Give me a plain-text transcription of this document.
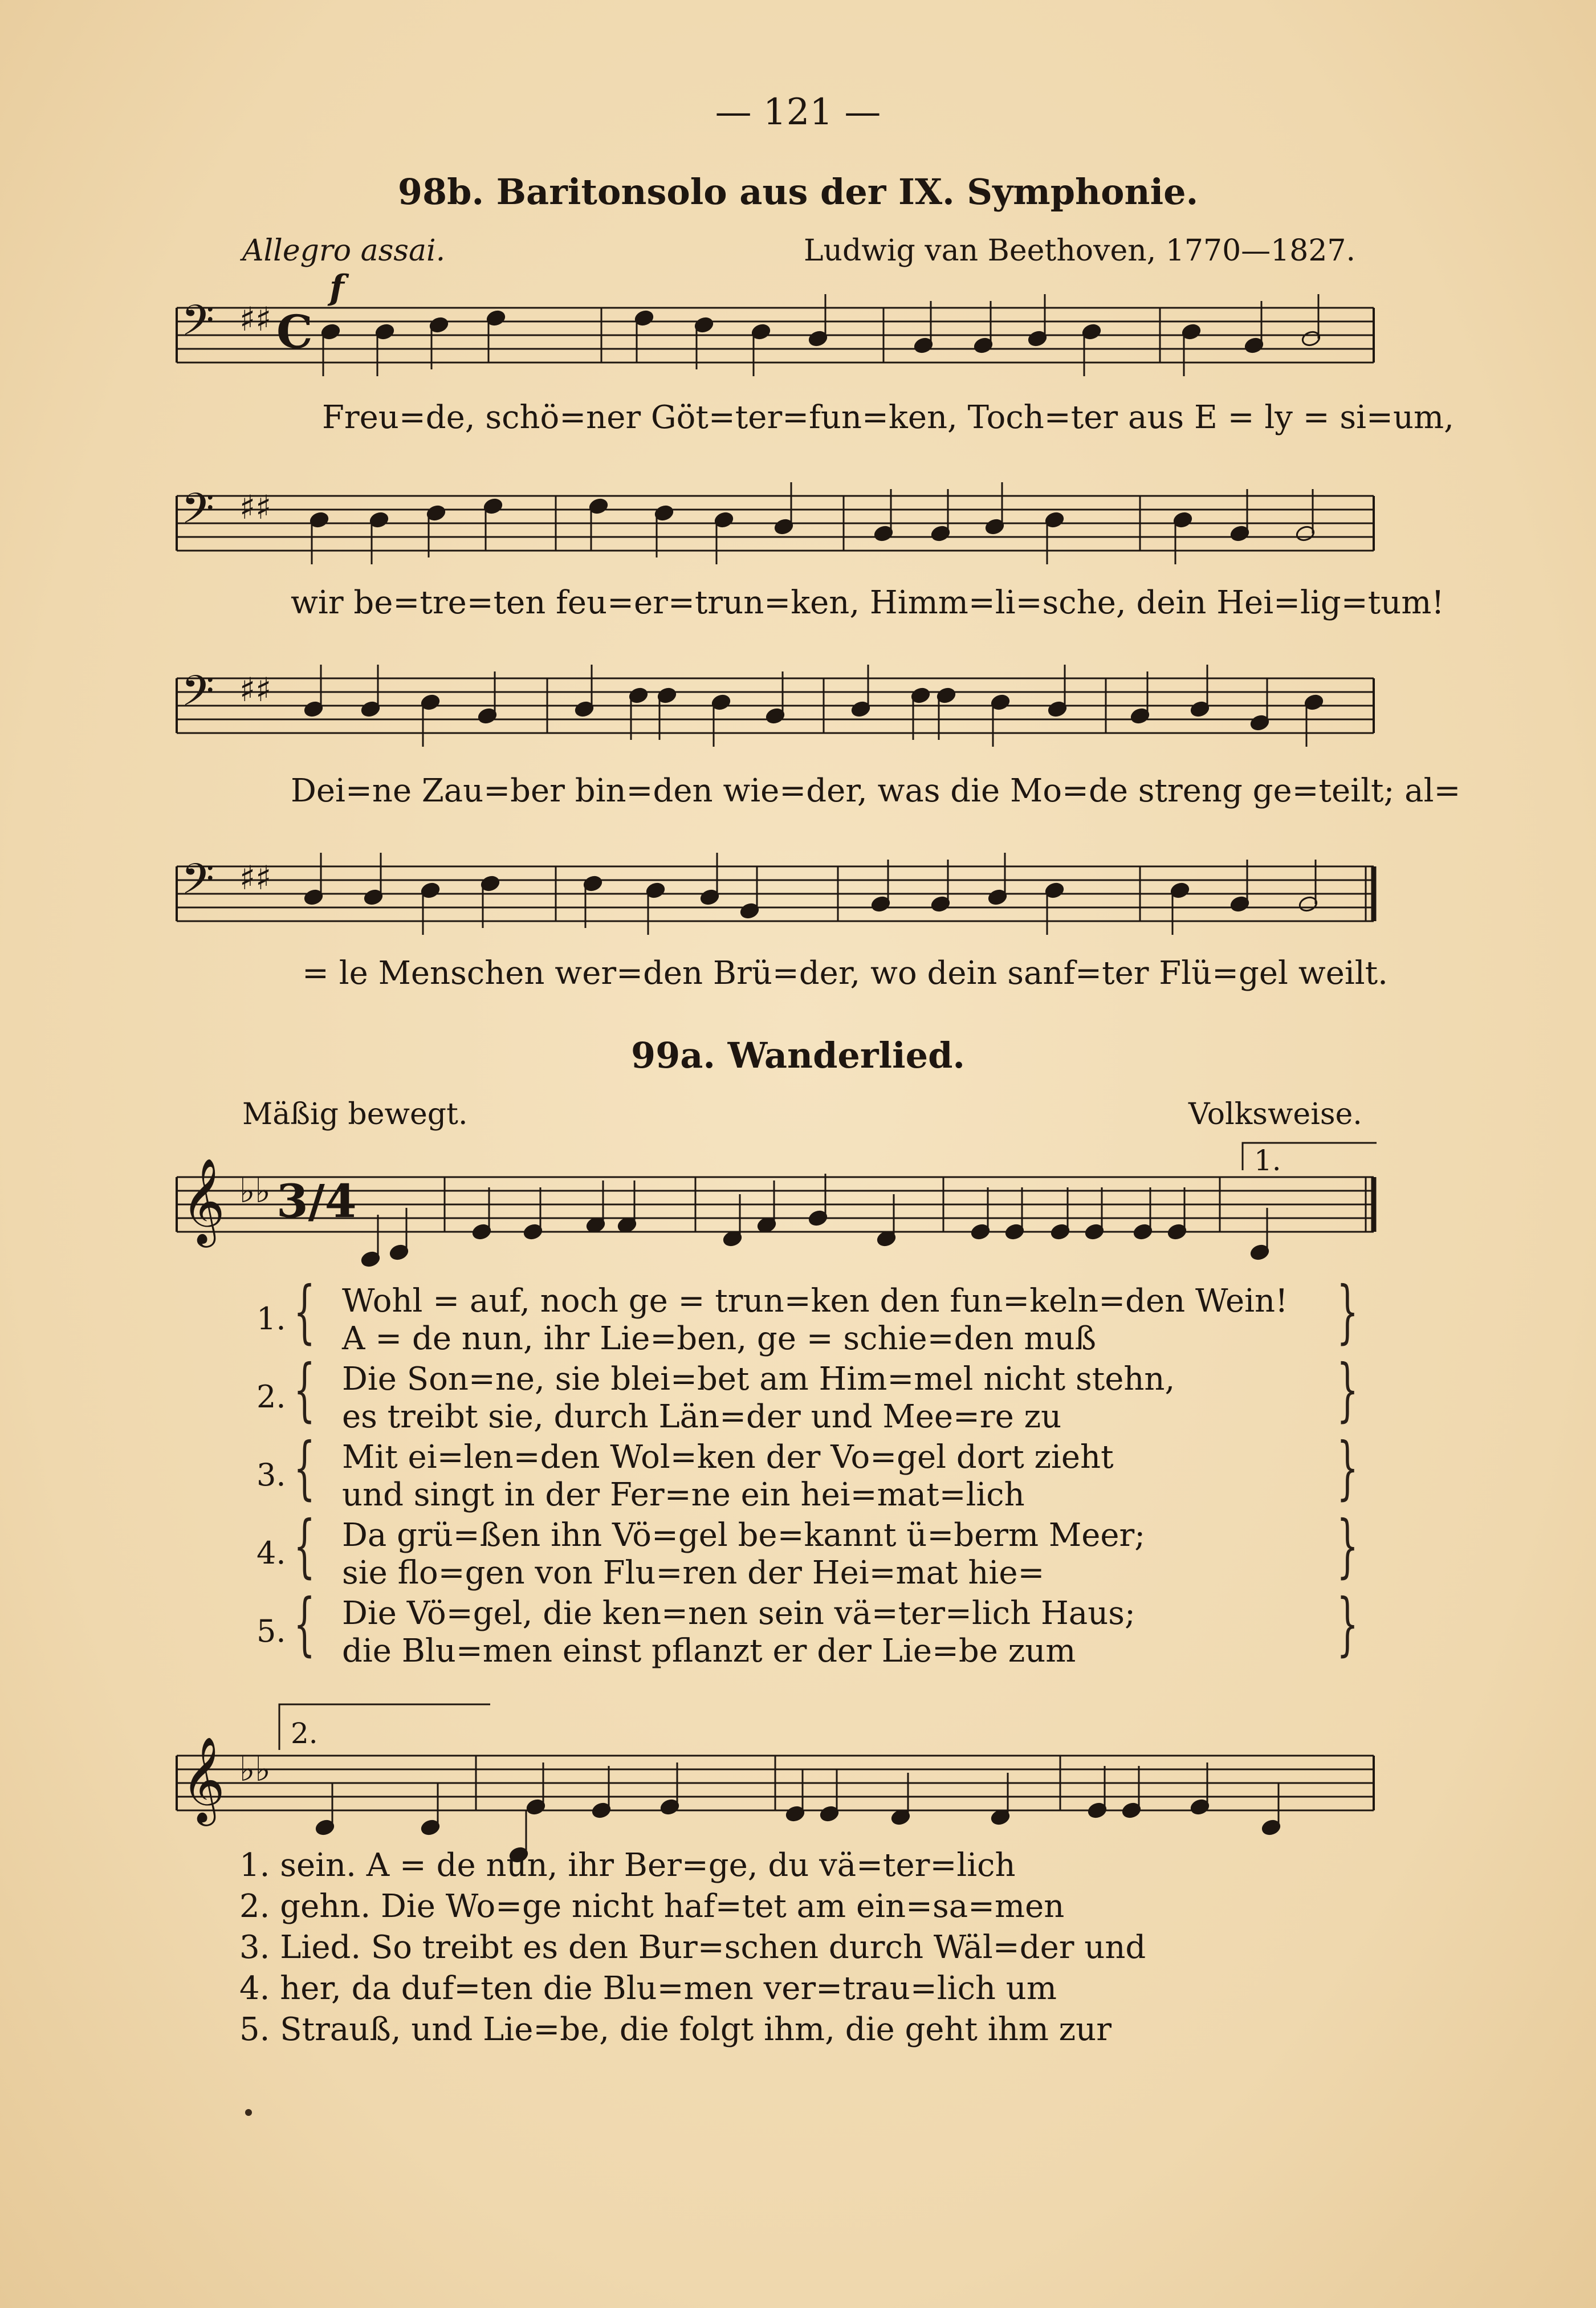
— 121 —
98b. Baritonsolo aus der IX. Symphonie.
Allegro assai.
f
Ludwig van Beethoven, 1770—1827.
𝄢 ♯♯ C
Freu=de, schö=ner Göt=ter=fun=ken, Toch=ter aus E = ly = si=um,
𝄢 ♯♯
wir be=tre=ten feu=er=trun=ken, Himm=li=sche, dein Hei=lig=tum!
𝄢 ♯♯
Dei=ne Zau=ber bin=den wie=der, was die Mo=de streng ge=teilt; al=
𝄢 ♯♯
= le Menschen wer=den Brü=der, wo dein sanf=ter Flü=gel weilt.
99a. Wanderlied.
Mäßig bewegt.	Volksweise.
𝄞 ♭♭ 3/4
1.
1. { Wohl = auf, noch ge = trun=ken den fun=keln=den Wein!
A = de nun, ihr Lie=ben, ge = schie=den muß	}
2. { Die Son=ne, sie blei=bet am Him=mel nicht stehn,
es treibt sie, durch Län=der und Mee=re zu	}
3. { Mit ei=len=den Wol=ken der Vo=gel dort zieht
und singt in der Fer=ne ein hei=mat=lich	}
4. { Da grü=ßen ihn Vö=gel be=kannt ü=berm Meer;
sie flo=gen von Flu=ren der Hei=mat hie=	}
5. { Die Vö=gel, die ken=nen sein vä=ter=lich Haus;
die Blu=men einst pflanzt er der Lie=be zum	}
𝄞 ♭♭
2.
1. sein. A = de nun, ihr Ber=ge, du vä=ter=lich
2. gehn. Die Wo=ge nicht haf=tet am ein=sa=men
3. Lied. So treibt es den Bur=schen durch Wäl=der und
4. her, da duf=ten die Blu=men ver=trau=lich um
5. Strauß, und Lie=be, die folgt ihm, die geht ihm zur
